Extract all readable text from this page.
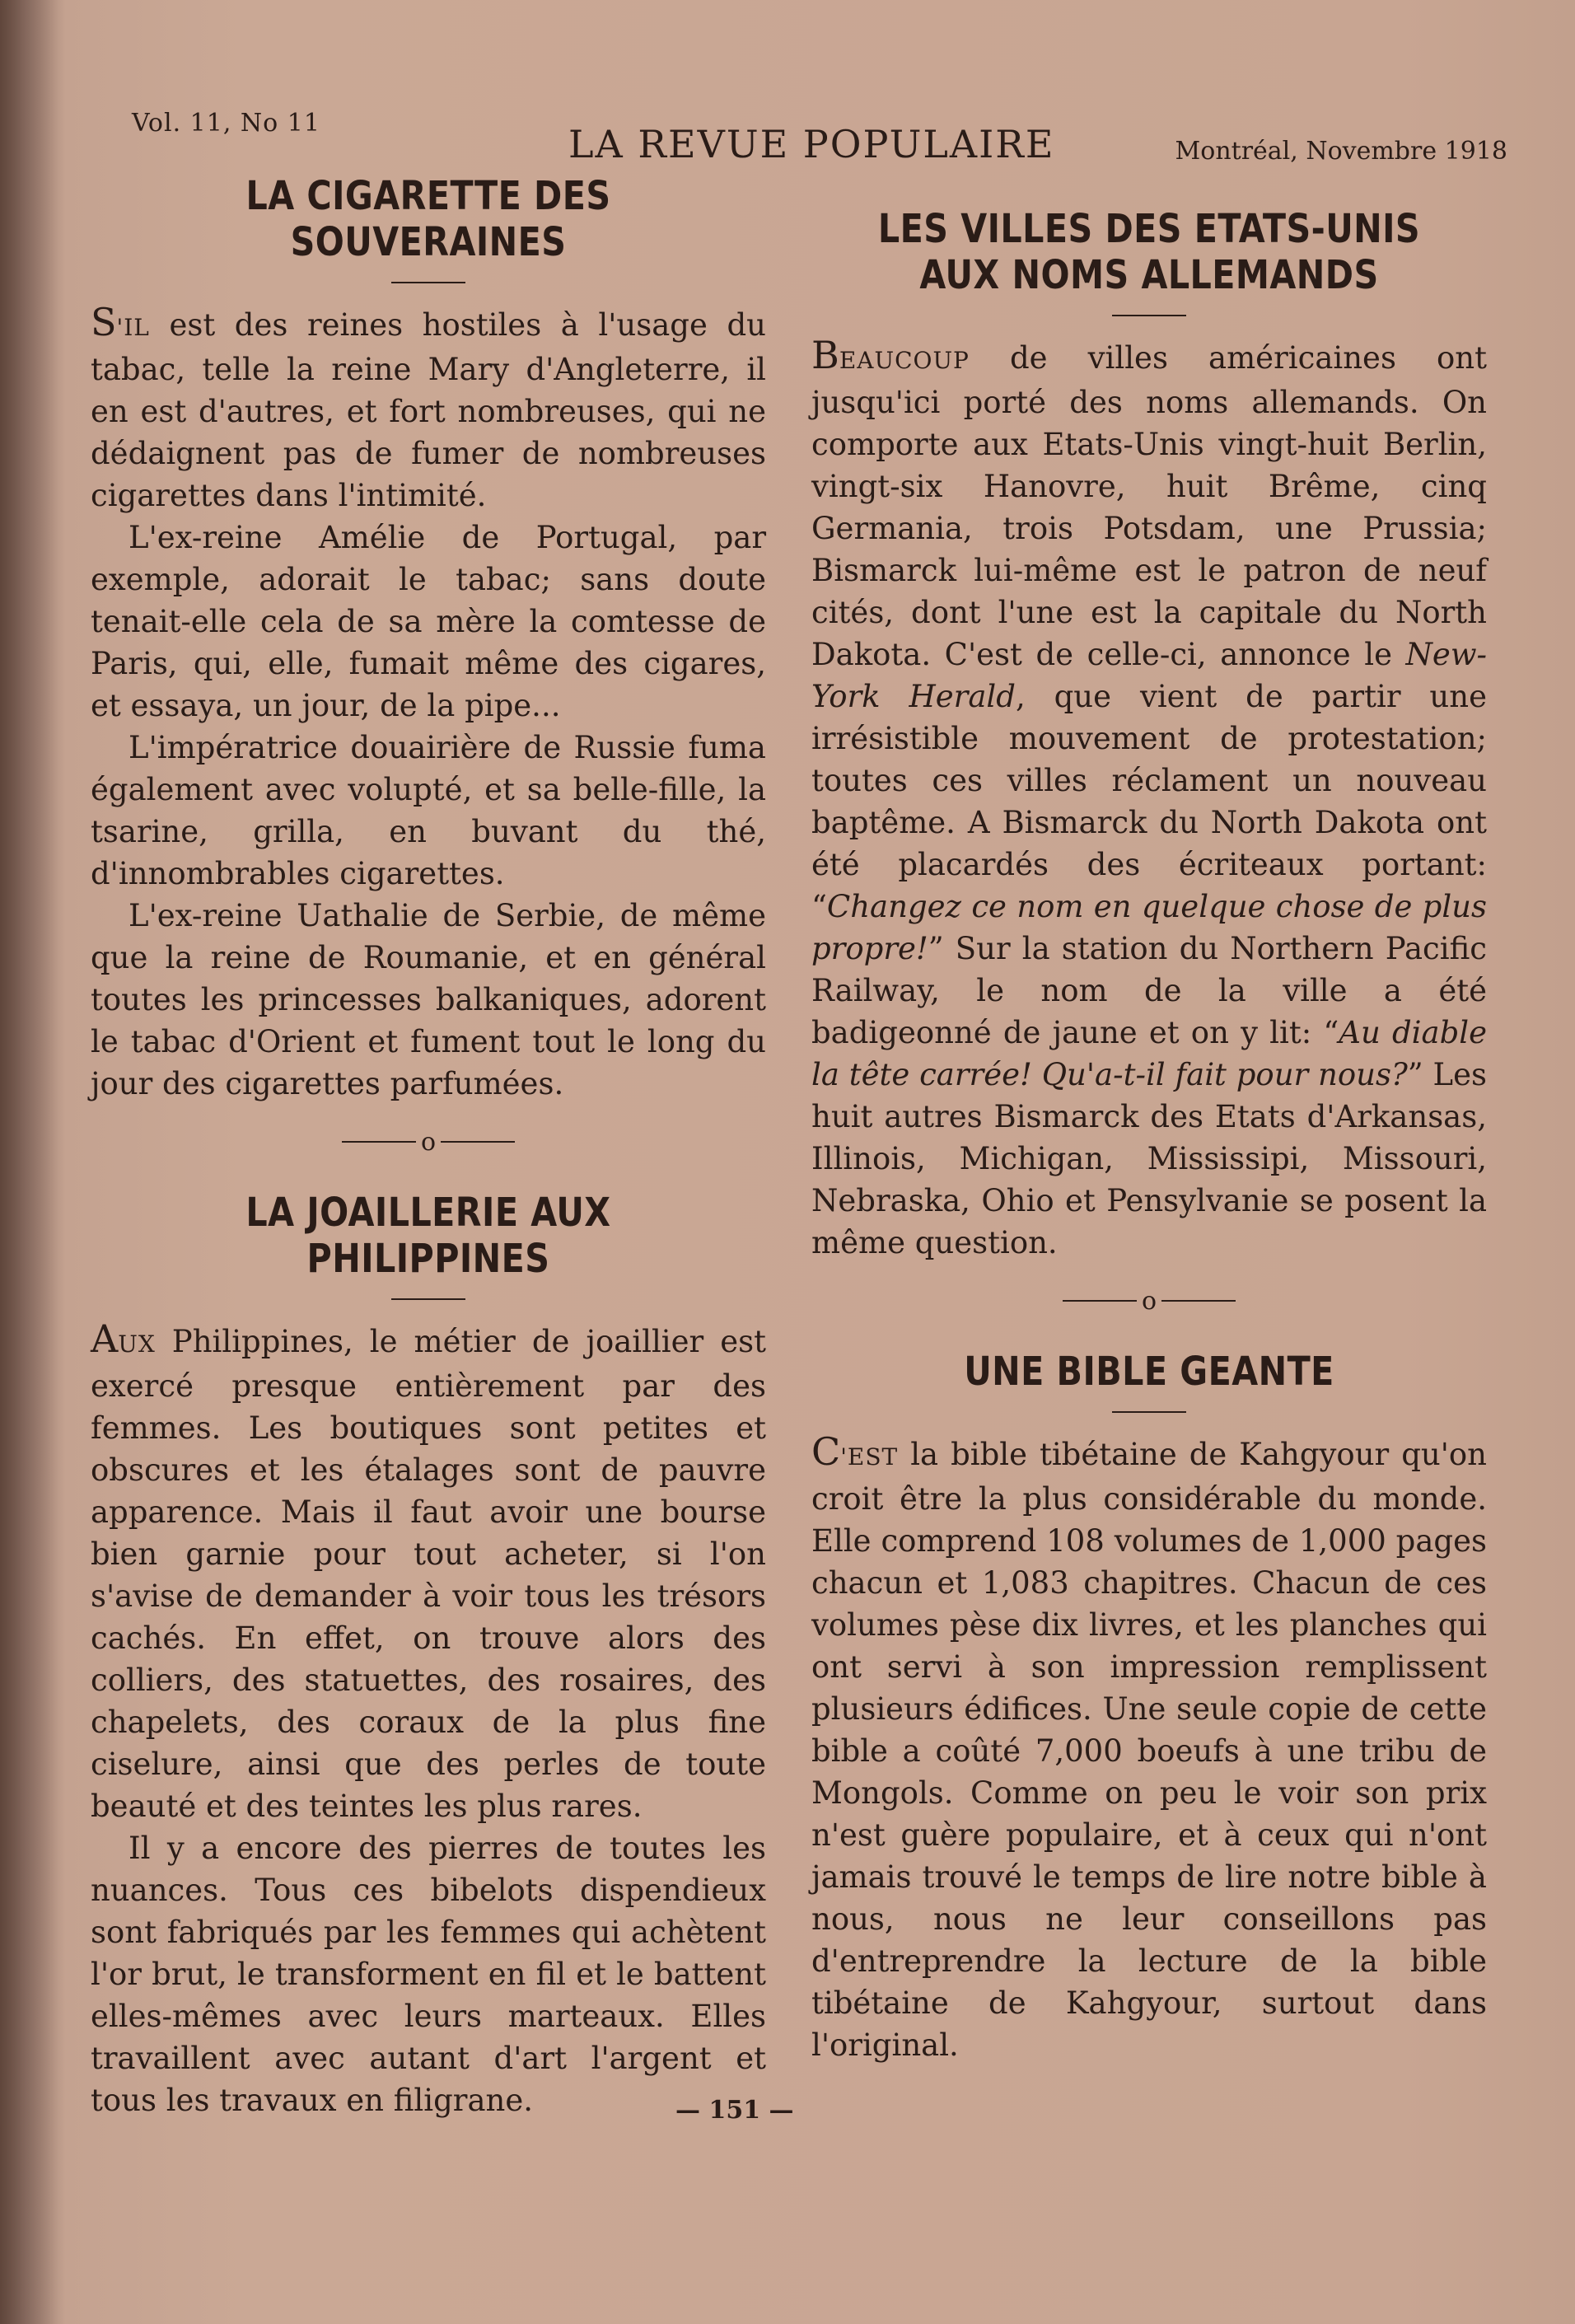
Vol. 11, No 11	LA REVUE POPULAIRE	Montréal, Novembre 1918
LA CIGARETTE DES SOUVERAINES

S'IL est des reines hostiles à l'usage du tabac, telle la reine Mary d'Angleterre, il en est d'autres, et fort nombreuses, qui ne dédaignent pas de fumer de nombreuses cigarettes dans l'intimité.

L'ex-reine Amélie de Portugal, par exemple, adorait le tabac; sans doute tenait-elle cela de sa mère la comtesse de Paris, qui, elle, fumait même des cigares, et essaya, un jour, de la pipe...

L'impératrice douairière de Russie fuma également avec volupté, et sa belle-fille, la tsarine, grilla, en buvant du thé, d'innombrables cigarettes.

L'ex-reine Uathalie de Serbie, de même que la reine de Roumanie, et en général toutes les princesses balkaniques, adorent le tabac d'Orient et fument tout le long du jour des cigarettes parfumées.

o
LA JOAILLERIE AUX PHILIPPINES

AUX Philippines, le métier de joaillier est exercé presque entièrement par des femmes. Les boutiques sont petites et obscures et les étalages sont de pauvre apparence. Mais il faut avoir une bourse bien garnie pour tout acheter, si l'on s'avise de demander à voir tous les trésors cachés. En effet, on trouve alors des colliers, des statuettes, des rosaires, des chapelets, des coraux de la plus fine ciselure, ainsi que des perles de toute beauté et des teintes les plus rares.

Il y a encore des pierres de toutes les nuances. Tous ces bibelots dispendieux sont fabriqués par les femmes qui achètent l'or brut, le transforment en fil et le battent elles-mêmes avec leurs marteaux. Elles travaillent avec autant d'art l'argent et tous les travaux en filigrane.

LES VILLES DES ETATS-UNIS AUX NOMS ALLEMANDS

BEAUCOUP de villes américaines ont jusqu'ici porté des noms allemands. On comporte aux Etats-Unis vingt-huit Berlin, vingt-six Hanovre, huit Brême, cinq Germania, trois Potsdam, une Prussia; Bismarck lui-même est le patron de neuf cités, dont l'une est la capitale du North Dakota. C'est de celle-ci, annonce le New-York Herald, que vient de partir une irrésistible mouvement de protestation; toutes ces villes réclament un nouveau baptême. A Bismarck du North Dakota ont été placardés des écriteaux portant: “Changez ce nom en quelque chose de plus propre!” Sur la station du Northern Pacific Railway, le nom de la ville a été badigeonné de jaune et on y lit: “Au diable la tête carrée! Qu'a-t-il fait pour nous?” Les huit autres Bismarck des Etats d'Arkansas, Illinois, Michigan, Mississipi, Missouri, Nebraska, Ohio et Pensylvanie se posent la même question.

o
UNE BIBLE GEANTE

C'EST la bible tibétaine de Kahgyour qu'on croit être la plus considérable du monde. Elle comprend 108 volumes de 1,000 pages chacun et 1,083 chapitres. Chacun de ces volumes pèse dix livres, et les planches qui ont servi à son impression remplissent plusieurs édifices. Une seule copie de cette bible a coûté 7,000 boeufs à une tribu de Mongols. Comme on peu le voir son prix n'est guère populaire, et à ceux qui n'ont jamais trouvé le temps de lire notre bible à nous, nous ne leur conseillons pas d'entreprendre la lecture de la bible tibétaine de Kahgyour, surtout dans l'original.

— 151 —
